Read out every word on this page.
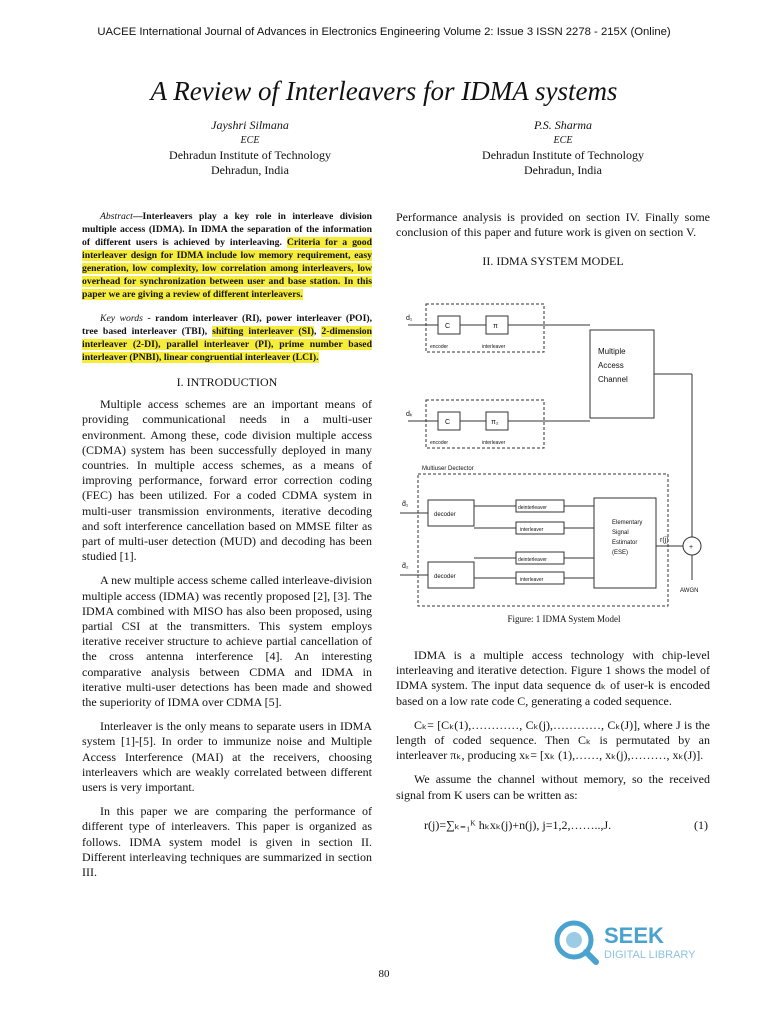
UACEE International Journal of Advances in Electronics Engineering Volume 2: Issue 3 ISSN 2278 - 215X (Online)
A Review of Interleavers for IDMA systems
Jayshri Silmana
ECE
Dehradun Institute of Technology
Dehradun, India
P.S. Sharma
ECE
Dehradun Institute of Technology
Dehradun, India
Abstract—Interleavers play a key role in interleave division multiple access (IDMA). In IDMA the separation of the information of different users is achieved by interleaving. Criteria for a good interleaver design for IDMA include low memory requirement, easy generation, low complexity, low correlation among interleavers, low overhead for synchronization between user and base station. In this paper we are giving a review of different interleavers.
Key words - random interleaver (RI), power interleaver (POI), tree based interleaver (TBI), shifting interleaver (SI), 2-dimension interleaver (2-DI), parallel interleaver (PI), prime number based interleaver (PNBI), linear congruential interleaver (LCI).
I. INTRODUCTION

Multiple access schemes are an important means of providing communicational needs in a multi-user environment. Among these, code division multiple access (CDMA) system has been successfully deployed in many countries. In multiple access schemes, as a means of improving performance, forward error correction coding (FEC) has been utilized. For a coded CDMA system in multi-user transmission environments, iterative decoding and soft interference cancellation based on MMSE filter as part of multi-user detection (MUD) and decoding has been studied [1].

A new multiple access scheme called interleave-division multiple access (IDMA) was recently proposed [2], [3]. The IDMA combined with MISO has also been proposed, using partial CSI at the transmitters. This system employs iterative receiver structure to achieve partial cancellation of the cross antenna interference [4]. An interesting comparative analysis between CDMA and IDMA in iterative multi-user detections has been made and showed the superiority of IDMA over CDMA [5].

Interleaver is the only means to separate users in IDMA system [1]-[5]. In order to immunize noise and Multiple Access Interference (MAI) at the receivers, choosing interleavers which are weakly correlated between different users is very important.

In this paper we are comparing the performance of different type of interleavers. This paper is organized as follows. IDMA system model is given in section II. Different interleaving techniques are summarized in section III.

Performance analysis is provided on section IV. Finally some conclusion of this paper and future work is given on section V.

II. IDMA SYSTEM MODEL
d₁
dₖ
C	π
C	π₂
encoder	interleaver
encoder	interleaver
Multiple
Access
Channel
Multiuser Dectector
decoder
decoder
deinterleaver
interleaver
deinterleaver
interleaver
Elementary
Signal
Estimator
(ESE)
d̂₁
d̂₂
r(j)
+
AWGN
Figure: 1 IDMA System Model

IDMA is a multiple access technology with chip-level interleaving and iterative detection. Figure 1 shows the model of IDMA system. The input data sequence dₖ of user-k is encoded based on a low rate code C, generating a coded sequence.

Cₖ= [Cₖ(1),…………, Cₖ(j),…………, Cₖ(J)], where J is the length of coded sequence. Then Cₖ is permutated by an interleaver πₖ, producing xₖ= [xₖ (1),……, xₖ(j),………, xₖ(J)].

We assume the channel without memory, so the received signal from K users can be written as:

r(j)=∑ₖ₌₁ᴷ hₖxₖ(j)+n(j), j=1,2,……..,J.	(1)
SEEK
DIGITAL LIBRARY
80
